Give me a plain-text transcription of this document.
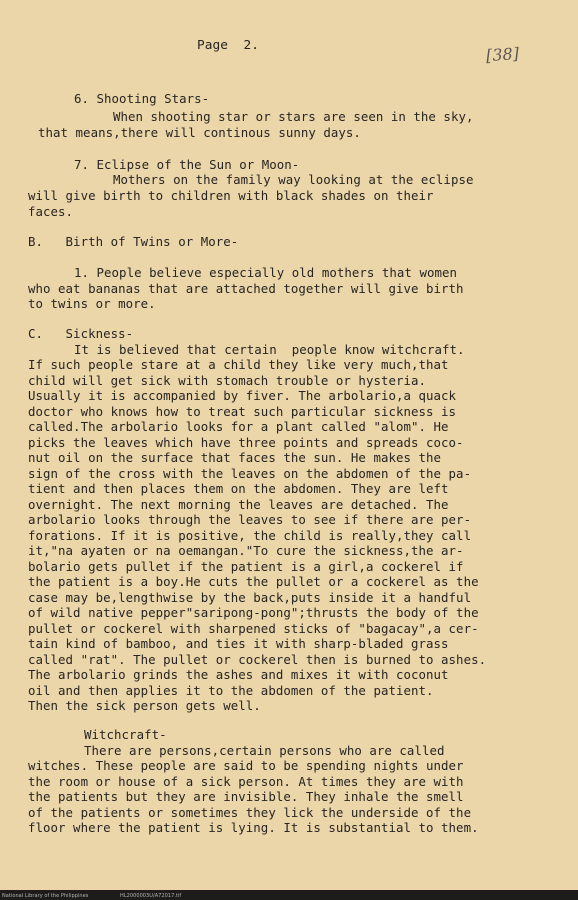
Page  2.	[38]
6. Shooting Stars-
When shooting star or stars are seen in the sky,
that means,there will continous sunny days.
7. Eclipse of the Sun or Moon-
Mothers on the family way looking at the eclipse
will give birth to children with black shades on their
faces.
B.   Birth of Twins or More-
1. People believe especially old mothers that women
who eat bananas that are attached together will give birth
to twins or more.
C.   Sickness-
It is believed that certain  people know witchcraft.
If such people stare at a child they like very much,that
child will get sick with stomach trouble or hysteria.
Usually it is accompanied by fiver. The arbolario,a quack
doctor who knows how to treat such particular sickness is
called.The arbolario looks for a plant called "alom". He
picks the leaves which have three points and spreads coco-
nut oil on the surface that faces the sun. He makes the
sign of the cross with the leaves on the abdomen of the pa-
tient and then places them on the abdomen. They are left
overnight. The next morning the leaves are detached. The
arbolario looks through the leaves to see if there are per-
forations. If it is positive, the child is really,they call
it,"na ayaten or na oemangan."To cure the sickness,the ar-
bolario gets pullet if the patient is a girl,a cockerel if
the patient is a boy.He cuts the pullet or a cockerel as the
case may be,lengthwise by the back,puts inside it a handful
of wild native pepper"saripong-pong";thrusts the body of the
pullet or cockerel with sharpened sticks of "bagacay",a cer-
tain kind of bamboo, and ties it with sharp-bladed grass
called "rat". The pullet or cockerel then is burned to ashes.
The arbolario grinds the ashes and mixes it with coconut
oil and then applies it to the abdomen of the patient.
Then the sick person gets well.
Witchcraft-
There are persons,certain persons who are called
witches. These people are said to be spending nights under
the room or house of a sick person. At times they are with
the patients but they are invisible. They inhale the smell
of the patients or sometimes they lick the underside of the
floor where the patient is lying. It is substantial to them.
National Library of the Philippines	HL2000003U/A72017.tif
